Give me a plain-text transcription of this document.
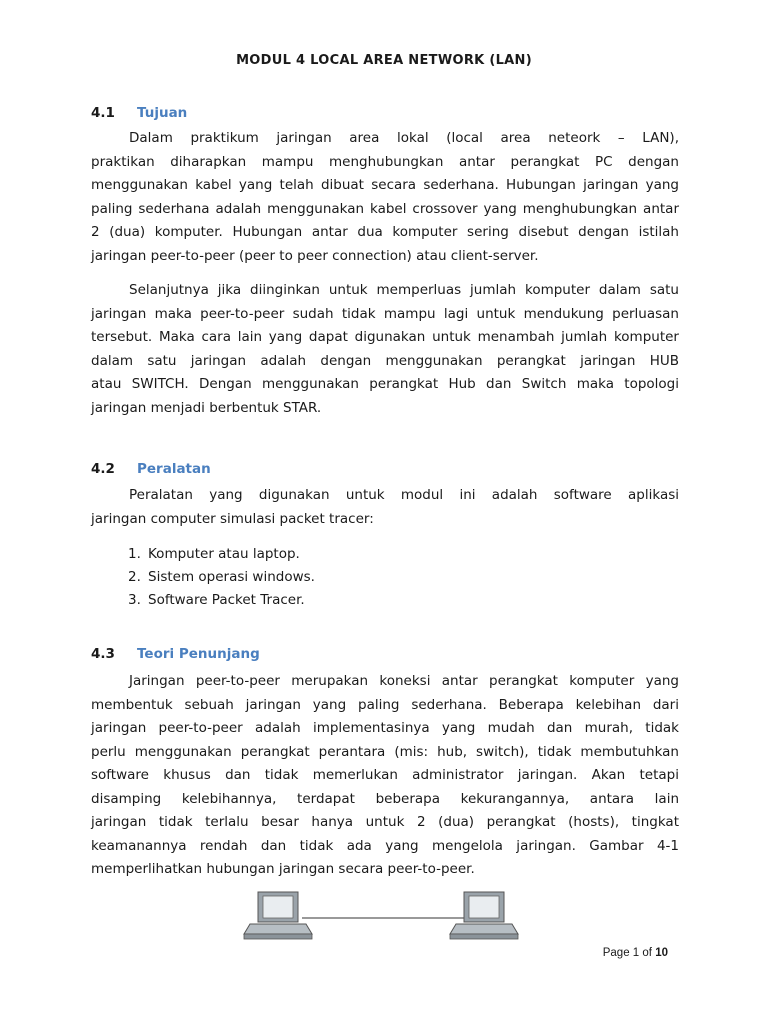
MODUL 4 LOCAL AREA NETWORK (LAN)
4.1 Tujuan

Dalam praktikum jaringan area lokal (local area neteork – LAN),
praktikan diharapkan mampu menghubungkan antar perangkat PC dengan
menggunakan kabel yang telah dibuat secara sederhana. Hubungan jaringan yang
paling sederhana adalah menggunakan kabel crossover yang menghubungkan antar
2 (dua) komputer. Hubungan antar dua komputer sering disebut dengan istilah
jaringan peer-to-peer (peer to peer connection) atau client-server.

Selanjutnya jika diinginkan untuk memperluas jumlah komputer dalam satu
jaringan maka peer-to-peer sudah tidak mampu lagi untuk mendukung perluasan
tersebut. Maka cara lain yang dapat digunakan untuk menambah jumlah komputer
dalam satu jaringan adalah dengan menggunakan perangkat jaringan HUB
atau SWITCH. Dengan menggunakan perangkat Hub dan Switch maka topologi
jaringan menjadi berbentuk STAR.

4.2 Peralatan

Peralatan yang digunakan untuk modul ini adalah software aplikasi
jaringan computer simulasi packet tracer:

1. Komputer atau laptop.
2. Sistem operasi windows.
3. Software Packet Tracer.
4.3 Teori Penunjang

Jaringan peer-to-peer merupakan koneksi antar perangkat komputer yang
membentuk sebuah jaringan yang paling sederhana. Beberapa kelebihan dari
jaringan peer-to-peer adalah implementasinya yang mudah dan murah, tidak
perlu menggunakan perangkat perantara (mis: hub, switch), tidak membutuhkan
software khusus dan tidak memerlukan administrator jaringan. Akan tetapi
disamping kelebihannya, terdapat beberapa kekurangannya, antara lain
jaringan tidak terlalu besar hanya untuk 2 (dua) perangkat (hosts), tingkat
keamanannya rendah dan tidak ada yang mengelola jaringan. Gambar 4-1
memperlihatkan hubungan jaringan secara peer-to-peer.

Page 1 of 10
